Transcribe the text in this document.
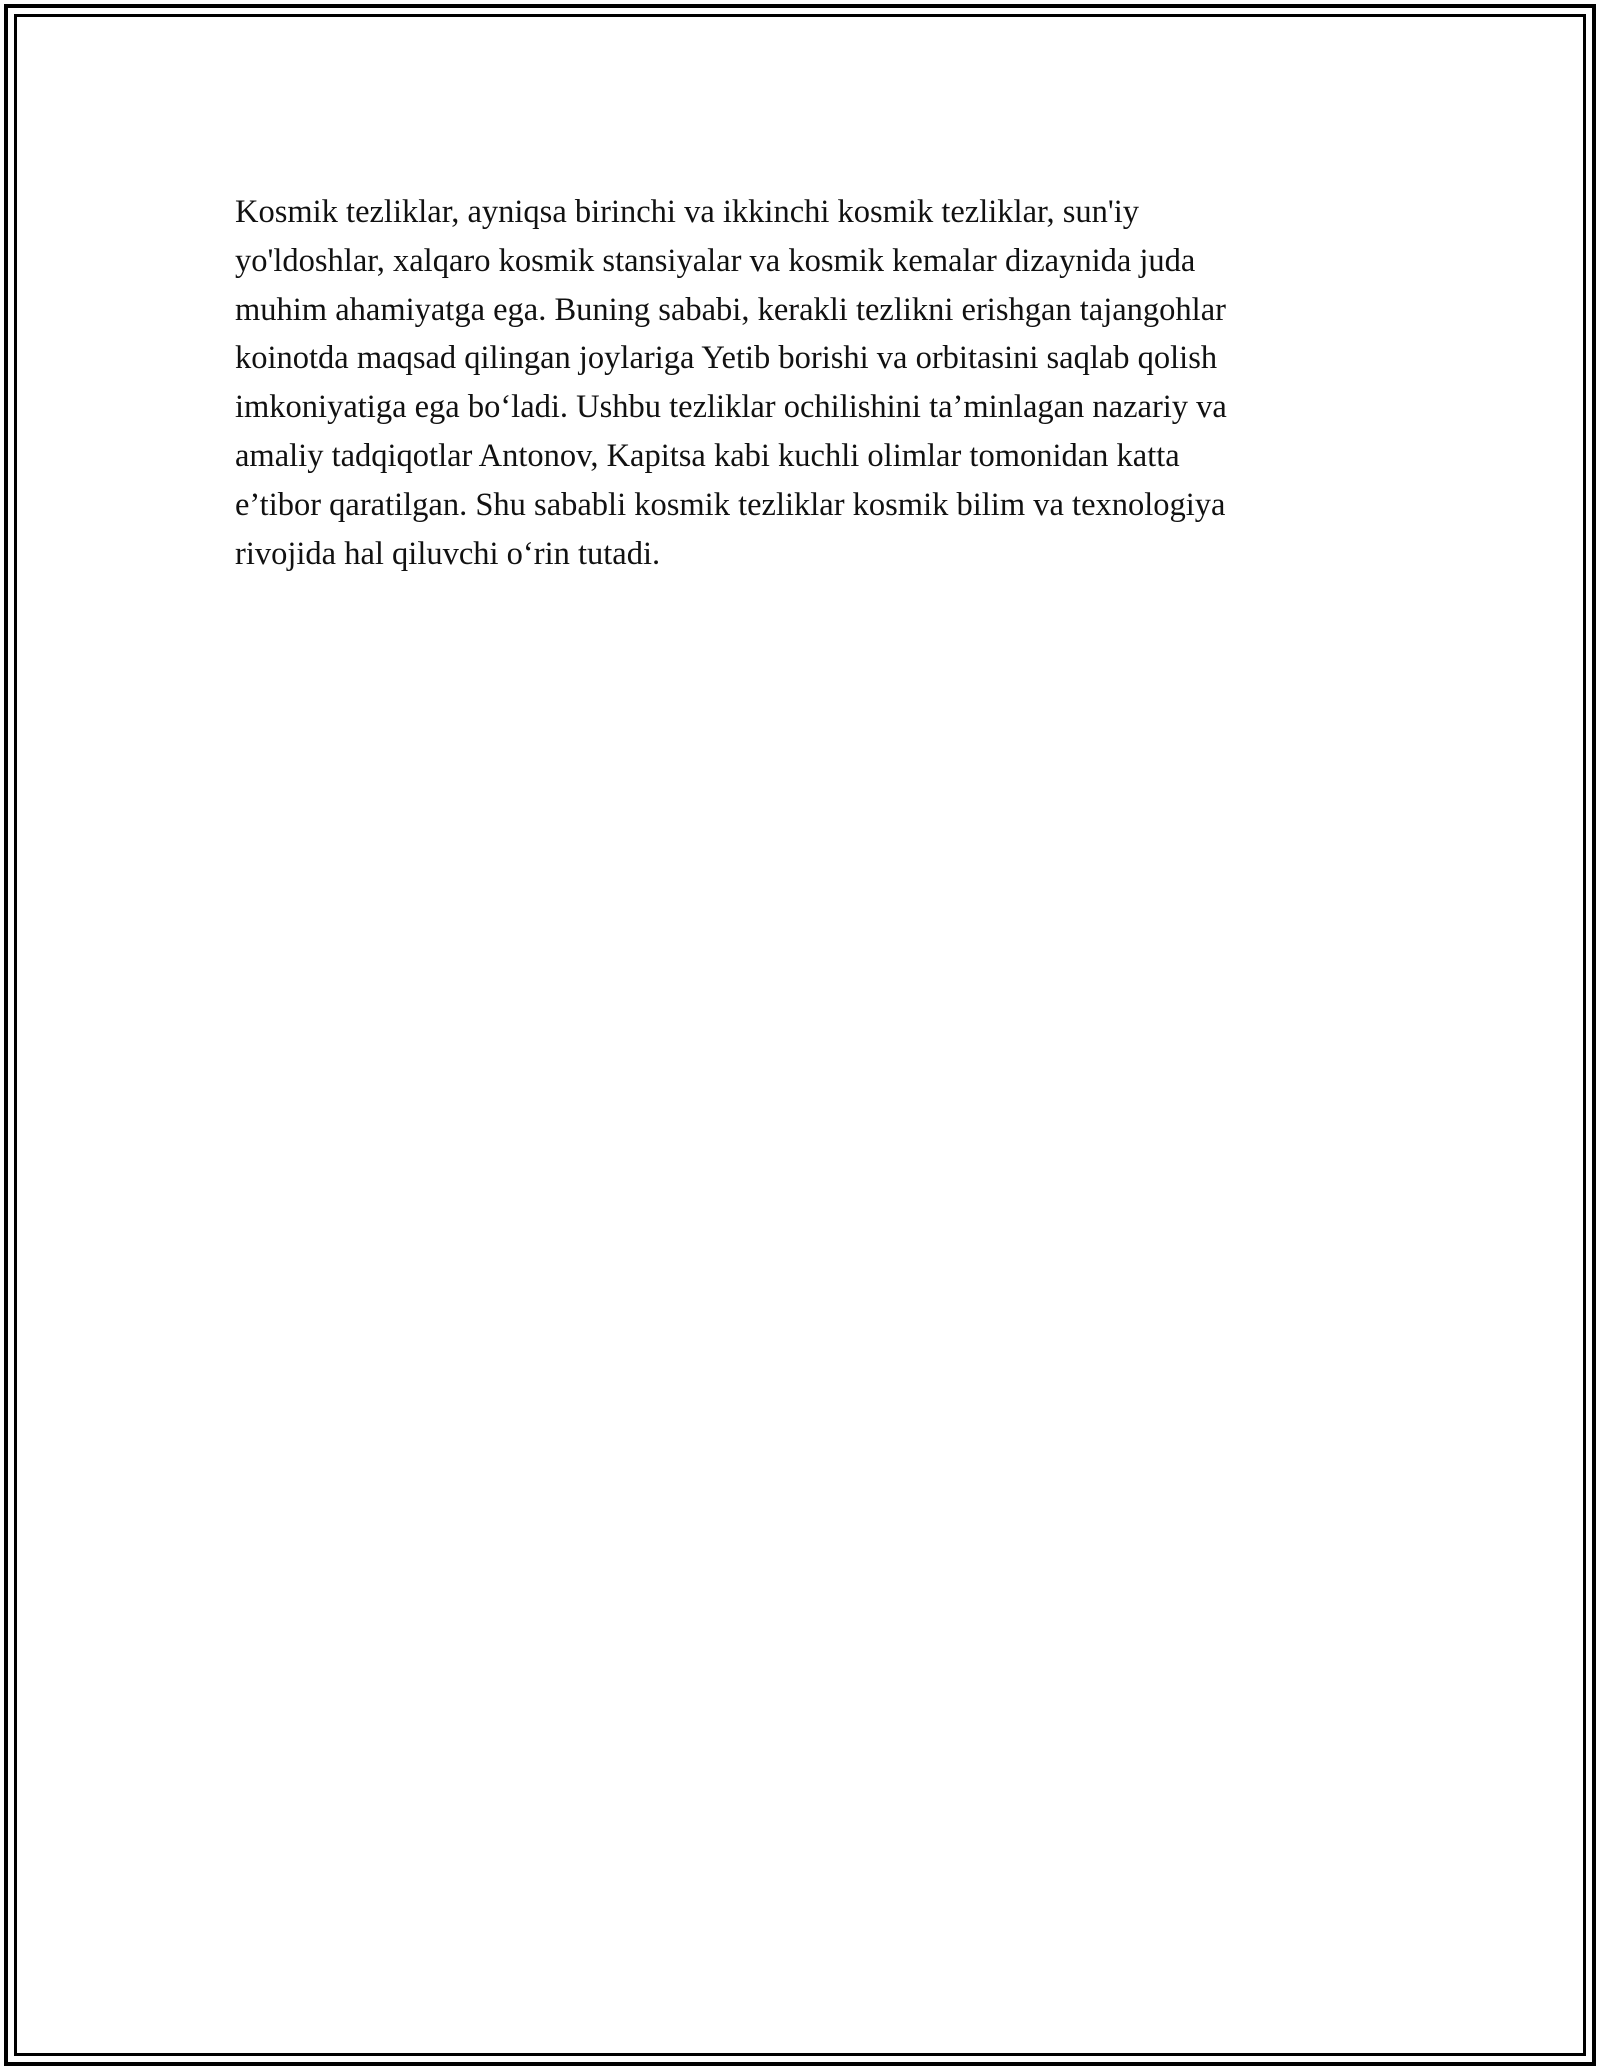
Kosmik tezliklar, ayniqsa birinchi va ikkinchi kosmik tezliklar, sun'iy
yo'ldoshlar, xalqaro kosmik stansiyalar va kosmik kemalar dizaynida juda
muhim ahamiyatga ega. Buning sababi, kerakli tezlikni erishgan tajangohlar
koinotda maqsad qilingan joylariga Yetib borishi va orbitasini saqlab qolish
imkoniyatiga ega bo‘ladi. Ushbu tezliklar ochilishini ta’minlagan nazariy va
amaliy tadqiqotlar Antonov, Kapitsa kabi kuchli olimlar tomonidan katta
e’tibor qaratilgan. Shu sababli kosmik tezliklar kosmik bilim va texnologiya
rivojida hal qiluvchi o‘rin tutadi.
